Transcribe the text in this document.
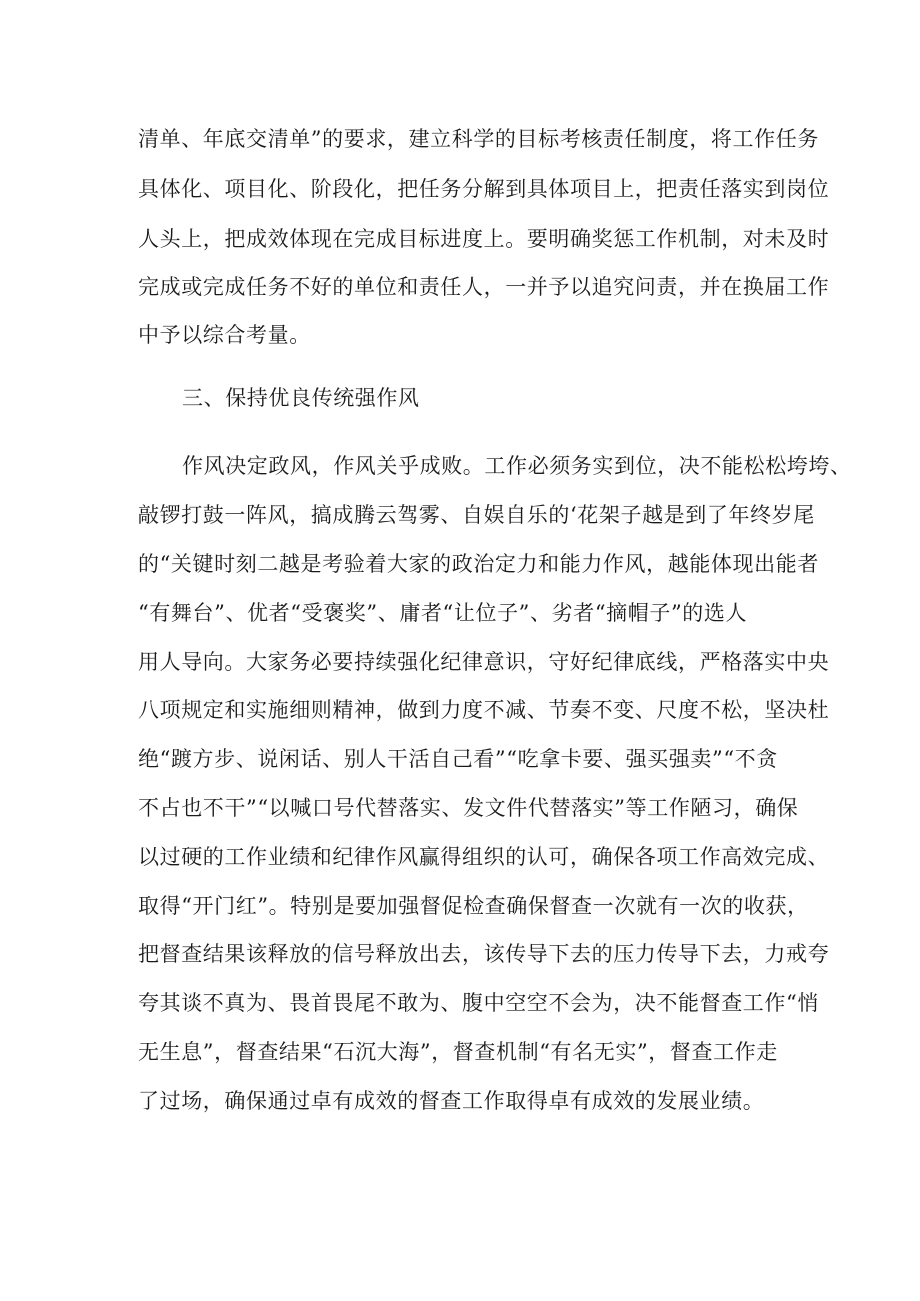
清单、年底交清单”的要求，建立科学的目标考核责任制度，将工作任务
具体化、项目化、阶段化，把任务分解到具体项目上，把责任落实到岗位
人头上，把成效体现在完成目标进度上。要明确奖惩工作机制，对未及时
完成或完成任务不好的单位和责任人，一并予以追究问责，并在换届工作
中予以综合考量。
三、保持优良传统强作风
作风决定政风，作风关乎成败。工作必须务实到位，决不能松松垮垮、
敲锣打鼓一阵风，搞成腾云驾雾、自娱自乐的‘花架子越是到了年终岁尾
的“关键时刻二越是考验着大家的政治定力和能力作风，越能体现出能者
“有舞台”、优者“受褒奖”、庸者“让位子”、劣者“摘帽子”的选人
用人导向。大家务必要持续强化纪律意识，守好纪律底线，严格落实中央
八项规定和实施细则精神，做到力度不减、节奏不变、尺度不松，坚决杜
绝“踱方步、说闲话、别人干活自己看”“吃拿卡要、强买强卖”“不贪
不占也不干”“以喊口号代替落实、发文件代替落实”等工作陋习，确保
以过硬的工作业绩和纪律作风赢得组织的认可，确保各项工作高效完成、
取得“开门红”。特别是要加强督促检查确保督查一次就有一次的收获，
把督查结果该释放的信号释放出去，该传导下去的压力传导下去，力戒夸
夸其谈不真为、畏首畏尾不敢为、腹中空空不会为，决不能督查工作“悄
无生息”，督查结果“石沉大海”，督查机制“有名无实”，督查工作走
了过场，确保通过卓有成效的督查工作取得卓有成效的发展业绩。
